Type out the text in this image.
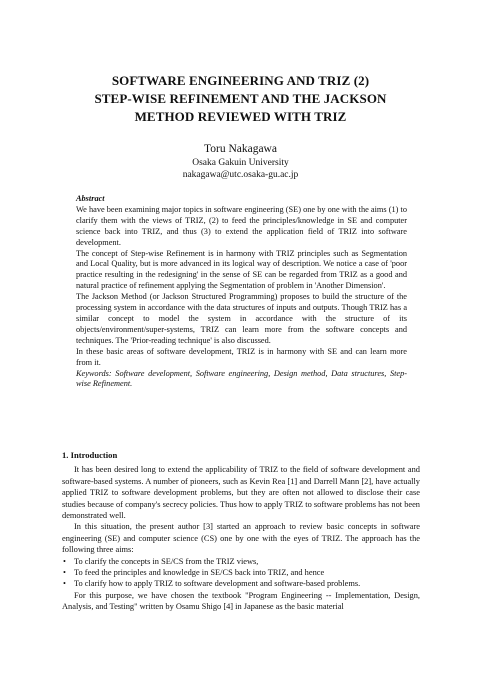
SOFTWARE ENGINEERING AND TRIZ (2)
STEP-WISE REFINEMENT AND THE JACKSON
METHOD REVIEWED WITH TRIZ
Toru Nakagawa
Osaka Gakuin University
nakagawa@utc.osaka-gu.ac.jp

Abstract

We have been examining major topics in software engineering (SE) one by one with the aims (1) to clarify them with the views of TRIZ, (2) to feed the principles/knowledge in SE and computer science back into TRIZ, and thus (3) to extend the application field of TRIZ into software development.

The concept of Step-wise Refinement is in harmony with TRIZ principles such as Segmentation and Local Quality, but is more advanced in its logical way of description. We notice a case of 'poor practice resulting in the redesigning' in the sense of SE can be regarded from TRIZ as a good and natural practice of refinement applying the Segmentation of problem in 'Another Dimension'.

The Jackson Method (or Jackson Structured Programming) proposes to build the structure of the processing system in accordance with the data structures of inputs and outputs. Though TRIZ has a similar concept to model the system in accordance with the structure of its objects/environment/super-systems, TRIZ can learn more from the software concepts and techniques. The 'Prior-reading technique' is also discussed.

In these basic areas of software development, TRIZ is in harmony with SE and can learn more from it.

Keywords: Software development, Software engineering, Design method, Data structures, Step-wise Refinement.

1. Introduction

It has been desired long to extend the applicability of TRIZ to the field of software development and software-based systems. A number of pioneers, such as Kevin Rea [1] and Darrell Mann [2], have actually applied TRIZ to software development problems, but they are often not allowed to disclose their case studies because of company's secrecy policies. Thus how to apply TRIZ to software problems has not been demonstrated well.

In this situation, the present author [3] started an approach to review basic concepts in software engineering (SE) and computer science (CS) one by one with the eyes of TRIZ. The approach has the following three aims:

• To clarify the concepts in SE/CS from the TRIZ views,
• To feed the principles and knowledge in SE/CS back into TRIZ, and hence
• To clarify how to apply TRIZ to software development and software-based problems.

For this purpose, we have chosen the textbook "Program Engineering -- Implementation, Design, Analysis, and Testing" written by Osamu Shigo [4] in Japanese as the basic material
